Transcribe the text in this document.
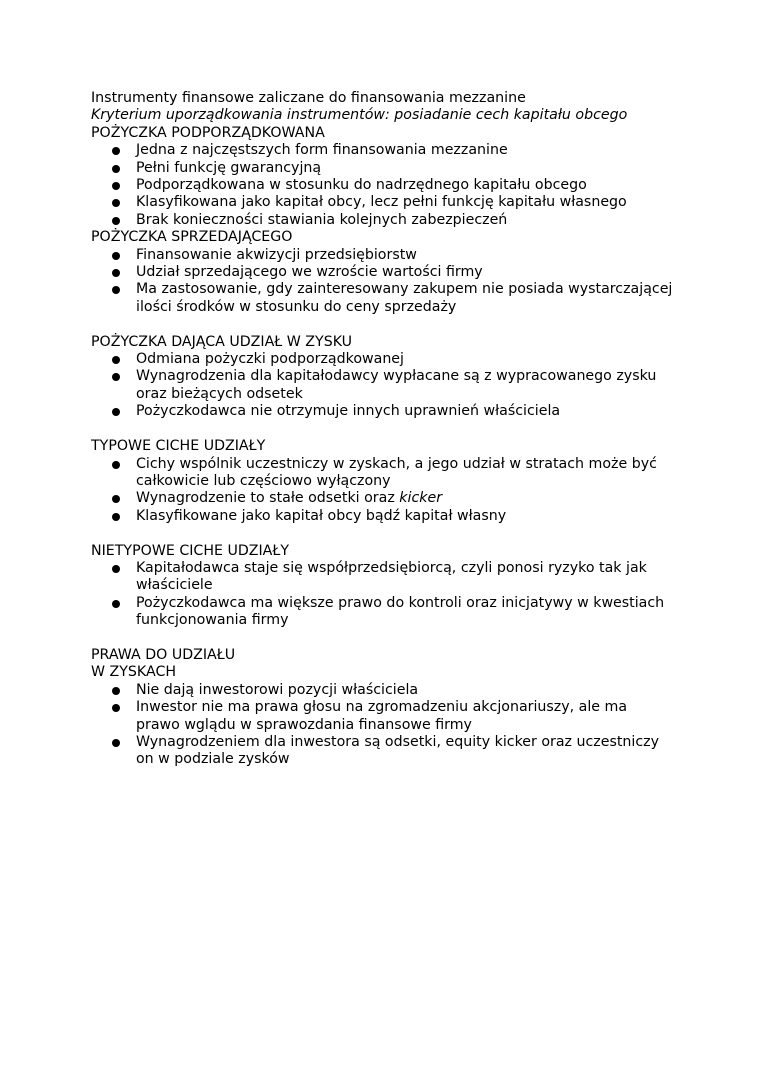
Instrumenty finansowe zaliczane do finansowania mezzanine
Kryterium uporządkowania instrumentów: posiadanie cech kapitału obcego
POŻYCZKA PODPORZĄDKOWANA
Jedna z najczęstszych form finansowania mezzanine
Pełni funkcję gwarancyjną
Podporządkowana w stosunku do nadrzędnego kapitału obcego
Klasyfikowana jako kapitał obcy, lecz pełni funkcję kapitału własnego
Brak konieczności stawiania kolejnych zabezpieczeń
POŻYCZKA SPRZEDAJĄCEGO
Finansowanie akwizycji przedsiębiorstw
Udział sprzedającego we wzroście wartości firmy
Ma zastosowanie, gdy zainteresowany zakupem nie posiada wystarczającej
ilości środków w stosunku do ceny sprzedaży
POŻYCZKA DAJĄCA UDZIAŁ W ZYSKU
Odmiana pożyczki podporządkowanej
Wynagrodzenia dla kapitałodawcy wypłacane są z wypracowanego zysku
oraz bieżących odsetek
Pożyczkodawca nie otrzymuje innych uprawnień właściciela
TYPOWE CICHE UDZIAŁY
Cichy wspólnik uczestniczy w zyskach, a jego udział w stratach może być
całkowicie lub częściowo wyłączony
Wynagrodzenie to stałe odsetki oraz kicker
Klasyfikowane jako kapitał obcy bądź kapitał własny
NIETYPOWE CICHE UDZIAŁY
Kapitałodawca staje się współprzedsiębiorcą, czyli ponosi ryzyko tak jak
właściciele
Pożyczkodawca ma większe prawo do kontroli oraz inicjatywy w kwestiach
funkcjonowania firmy
PRAWA DO UDZIAŁU
W ZYSKACH
Nie dają inwestorowi pozycji właściciela
Inwestor nie ma prawa głosu na zgromadzeniu akcjonariuszy, ale ma
prawo wglądu w sprawozdania finansowe firmy
Wynagrodzeniem dla inwestora są odsetki, equity kicker oraz uczestniczy
on w podziale zysków
